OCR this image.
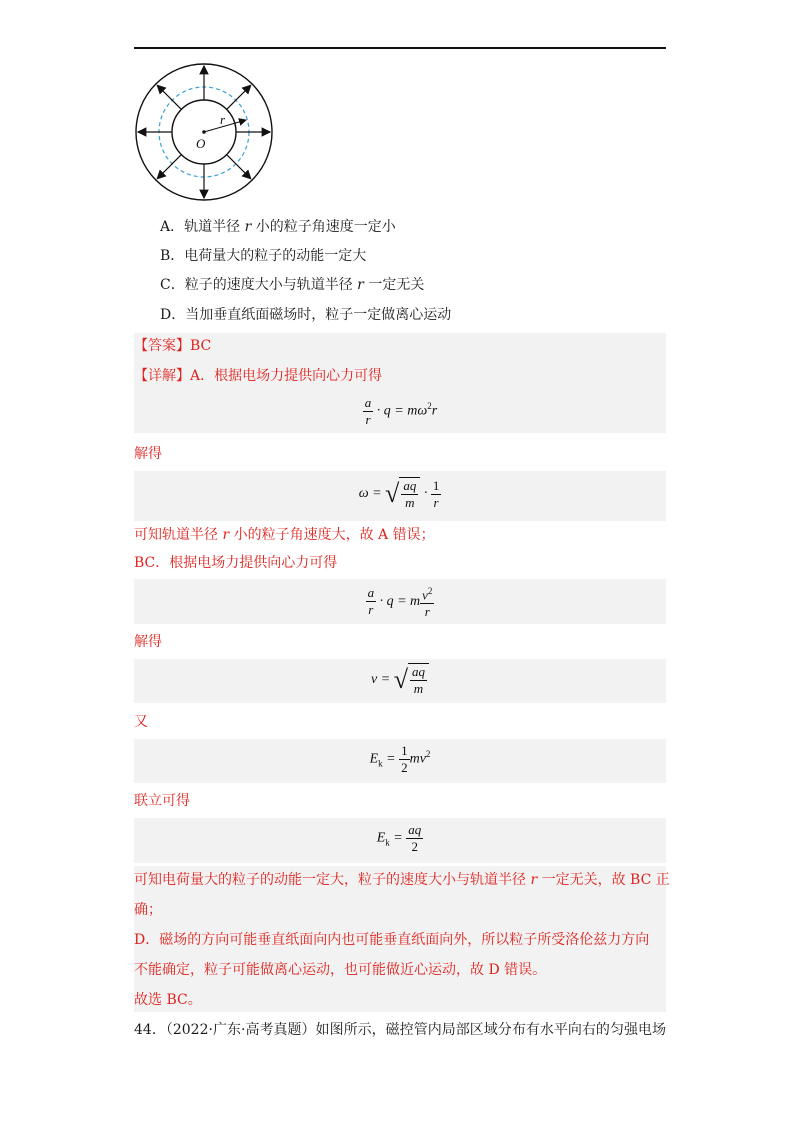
O
r
A．轨道半径 r 小的粒子角速度一定小
B．电荷量大的粒子的动能一定大
C．粒子的速度大小与轨道半径 r 一定无关
D．当加垂直纸面磁场时，粒子一定做离心运动
【答案】BC
【详解】A．根据电场力提供向心力可得
$\frac{a}{r} \cdot q = m\omega^2r$
解得
ω = √ $\frac{aq}{m} \cdot \frac{1}{r}$
可知轨道半径 r 小的粒子角速度大，故 A 错误；
BC．根据电场力提供向心力可得
$\frac{a}{r} \cdot q = m \frac{v^2}{r}$
解得
v = √ $\frac{aq}{m}$
又
$E_k = \frac{1}{2} mv^2$
联立可得
$E_k = \frac{aq}{2}$
可知电荷量大的粒子的动能一定大，粒子的速度大小与轨道半径 r 一定无关，故 BC 正
确；
D．磁场的方向可能垂直纸面向内也可能垂直纸面向外，所以粒子所受洛伦兹力方向
不能确定，粒子可能做离心运动，也可能做近心运动，故 D 错误。
故选 BC。
44．（2022·广东·高考真题）如图所示，磁控管内局部区域分布有水平向右的匀强电场
